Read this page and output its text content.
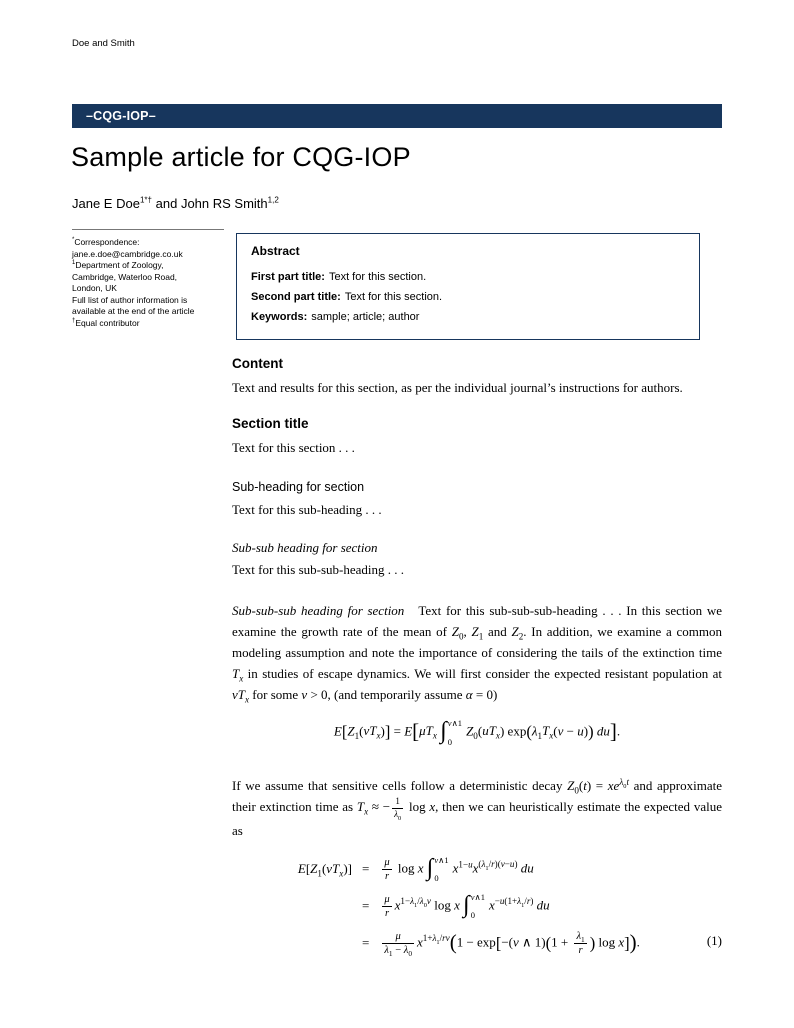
Doe and Smith
–CQG-IOP–
Sample article for CQG-IOP
Jane E Doe$^{1*\dagger}$ and John RS Smith$^{1,2}$
*Correspondence:
jane.e.doe@cambridge.co.uk
$^1$Department of Zoology,
Cambridge, Waterloo Road,
London, UK
Full list of author information is
available at the end of the article
†Equal contributor
Abstract
First part title: Text for this section.
Second part title: Text for this section.
Keywords: sample; article; author
Content

Text and results for this section, as per the individual journal’s instructions for authors.

Section title

Text for this section . . .

Sub-heading for section

Text for this sub-heading . . .

Sub-sub heading for section

Text for this sub-sub-heading . . .

Sub-sub-sub heading for section Text for this sub-sub-sub-heading . . . In this section we examine the growth rate of the mean of $Z_0$, $Z_1$ and $Z_2$. In addition, we examine a common modeling assumption and note the importance of considering the tails of the extinction time $T_x$ in studies of escape dynamics. We will first consider the expected resistant population at $vT_x$ for some v > 0, (and temporarily assume α = 0)

$E[Z_1(vT_x)] = E[\mu T_x$ ∫ v∧1
0
$Z_0(uT_x) \exp(\lambda_1T_x(v - u))$ du].

If we assume that sensitive cells follow a deterministic decay $Z_0(t) = xe^{\lambda_0t}$ and approximate their extinction time as $T_x$ ≈ − $\frac{1}{\lambda_0}$ log x, then we can heuristically estimate the expected value as

$E[Z_1(vT_x)] = \frac{\mu}{r}$ log x ∫ v∧1
0
$x^{1-u}x^{(\lambda_1/r)(v-u)}$ du
= $\frac{\mu}{r} x^{1-\lambda_1/\lambda_0v}$ log x ∫ v∧1
0
$x^{-u(1+\lambda_1/r)}$ du
= $\frac{\mu}{\lambda_1 - \lambda_0} x^{1+\lambda_1/rv}(1 - \exp[-(v$ ∧ $1)(1 + \frac{\lambda_1}{r}$ ) log x]).	(1)
